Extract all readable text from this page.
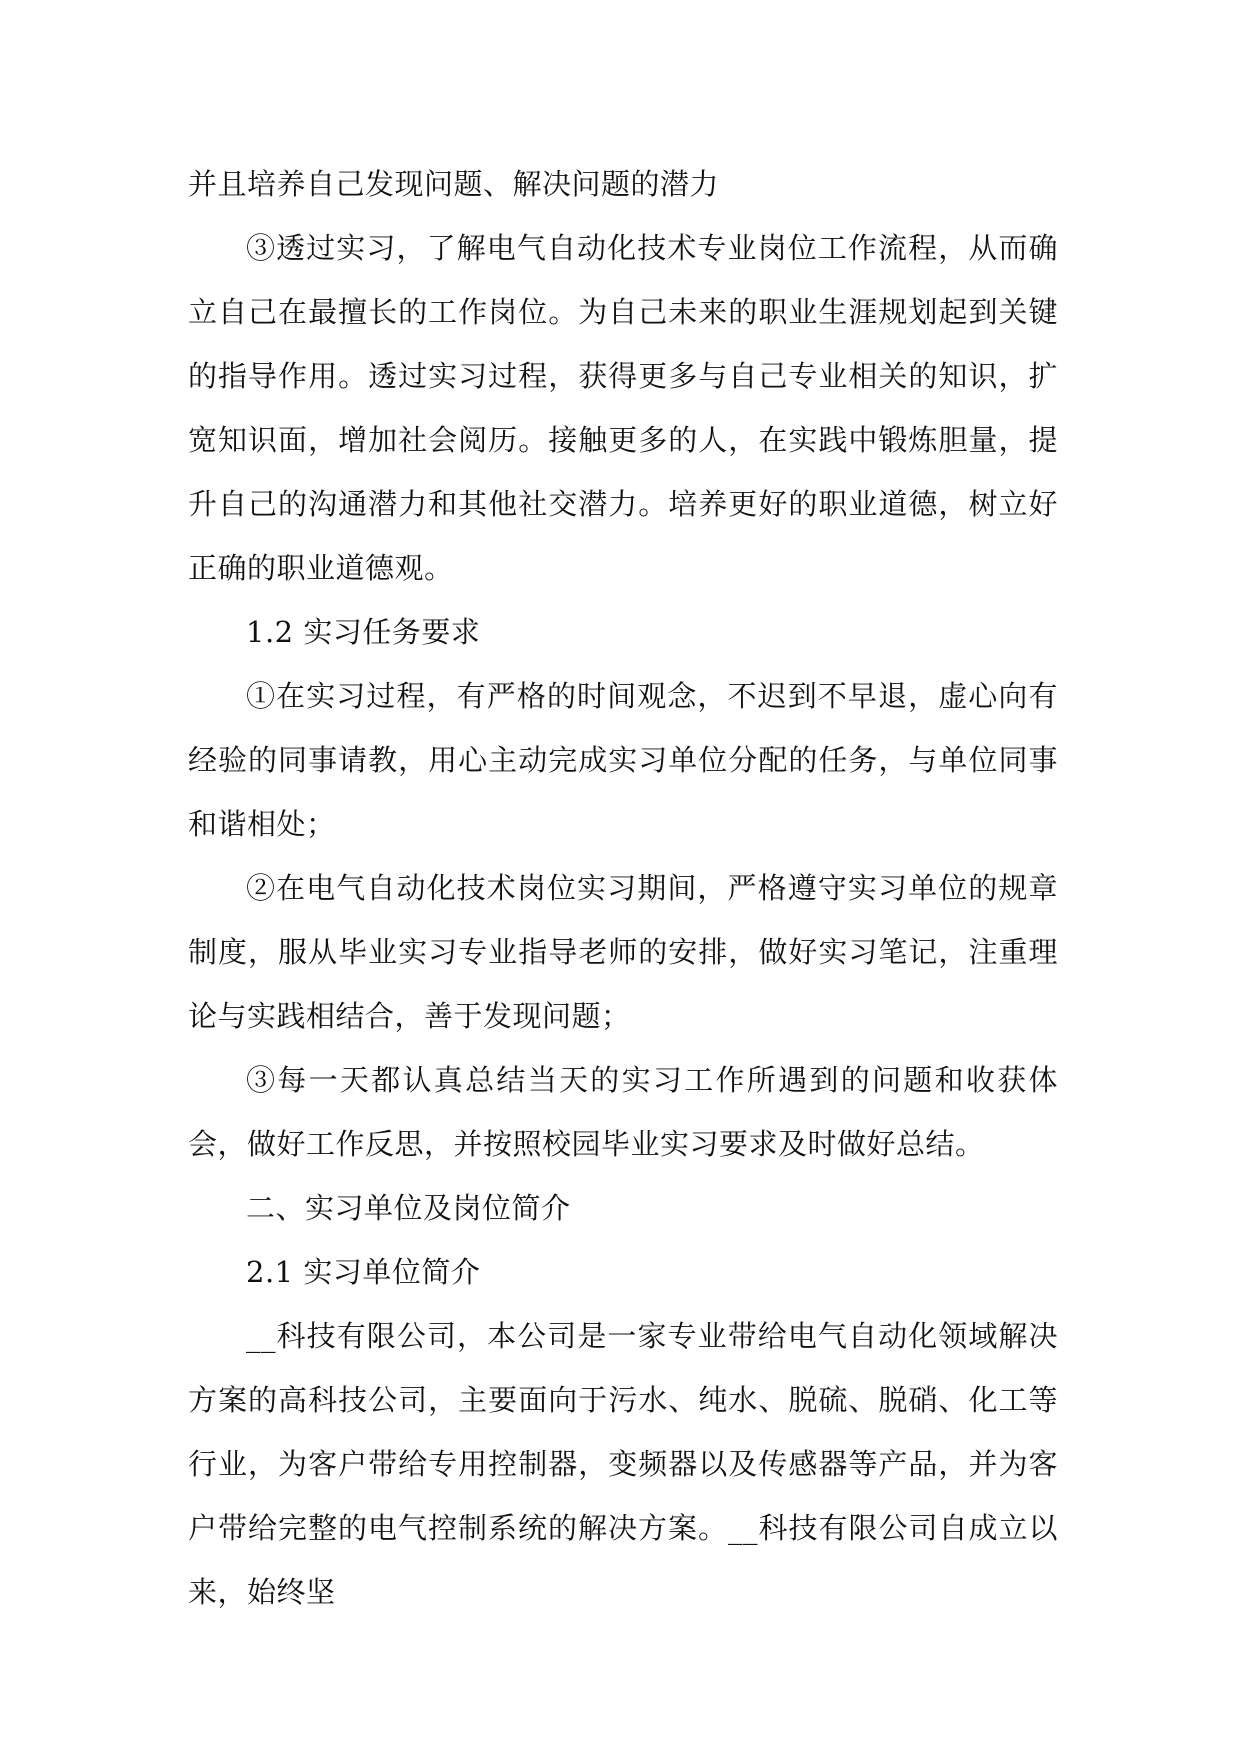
并且培养自己发现问题、解决问题的潜力

③透过实习，了解电气自动化技术专业岗位工作流程，从而确立自己在最擅长的工作岗位。为自己未来的职业生涯规划起到关键的指导作用。透过实习过程，获得更多与自己专业相关的知识，扩宽知识面，增加社会阅历。接触更多的人，在实践中锻炼胆量，提升自己的沟通潜力和其他社交潜力。培养更好的职业道德，树立好正确的职业道德观。

1.2 实习任务要求

①在实习过程，有严格的时间观念，不迟到不早退，虚心向有经验的同事请教，用心主动完成实习单位分配的任务，与单位同事和谐相处；

②在电气自动化技术岗位实习期间，严格遵守实习单位的规章制度，服从毕业实习专业指导老师的安排，做好实习笔记，注重理论与实践相结合，善于发现问题；

③每一天都认真总结当天的实习工作所遇到的问题和收获体会，做好工作反思，并按照校园毕业实习要求及时做好总结。

二、实习单位及岗位简介

2.1 实习单位简介

__科技有限公司，本公司是一家专业带给电气自动化领域解决方案的高科技公司，主要面向于污水、纯水、脱硫、脱硝、化工等行业，为客户带给专用控制器，变频器以及传感器等产品，并为客户带给完整的电气控制系统的解决方案。__科技有限公司自成立以来，始终坚
